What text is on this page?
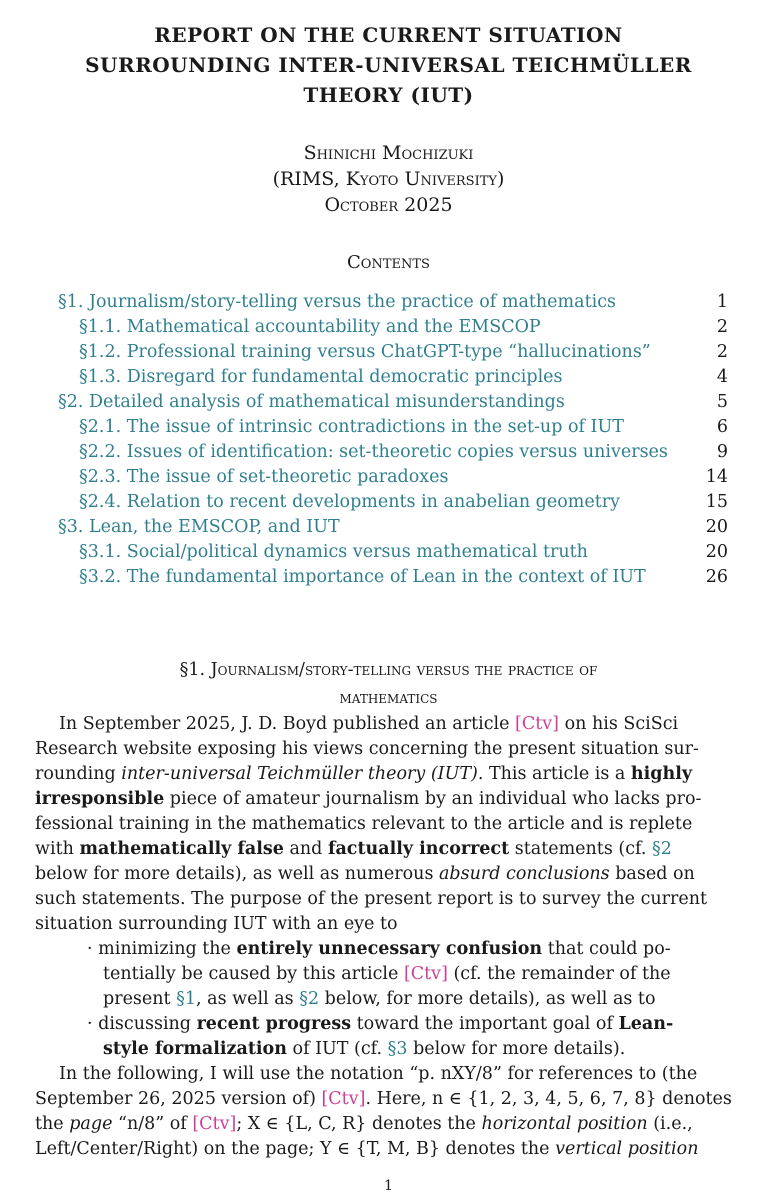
REPORT ON THE CURRENT SITUATION
SURROUNDING INTER-UNIVERSAL TEICHMÜLLER
THEORY (IUT)
Shinichi Mochizuki
(RIMS, Kyoto University)
October 2025
Contents
§1. Journalism/story-telling versus the practice of mathematics	1
§1.1. Mathematical accountability and the EMSCOP	2
§1.2. Professional training versus ChatGPT-type “hallucinations”	2
§1.3. Disregard for fundamental democratic principles	4
§2. Detailed analysis of mathematical misunderstandings	5
§2.1. The issue of intrinsic contradictions in the set-up of IUT	6
§2.2. Issues of identification: set-theoretic copies versus universes	9
§2.3. The issue of set-theoretic paradoxes	14
§2.4. Relation to recent developments in anabelian geometry	15
§3. Lean, the EMSCOP, and IUT	20
§3.1. Social/political dynamics versus mathematical truth	20
§3.2. The fundamental importance of Lean in the context of IUT	26
§1. Journalism/story-telling versus the practice of
mathematics
In September 2025, J. D. Boyd published an article [Ctv] on his SciSci
Research website exposing his views concerning the present situation sur-
rounding inter-universal Teichmüller theory (IUT). This article is a highly
irresponsible piece of amateur journalism by an individual who lacks pro-
fessional training in the mathematics relevant to the article and is replete
with mathematically false and factually incorrect statements (cf. §2
below for more details), as well as numerous absurd conclusions based on
such statements. The purpose of the present report is to survey the current
situation surrounding IUT with an eye to
· minimizing the entirely unnecessary confusion that could po-
tentially be caused by this article [Ctv] (cf. the remainder of the
present §1, as well as §2 below, for more details), as well as to
· discussing recent progress toward the important goal of Lean-
style formalization of IUT (cf. §3 below for more details).
In the following, I will use the notation “p. nXY/8” for references to (the
September 26, 2025 version of) [Ctv]. Here, n ∈ {1, 2, 3, 4, 5, 6, 7, 8} denotes
the page “n/8” of [Ctv]; X ∈ {L, C, R} denotes the horizontal position (i.e.,
Left/Center/Right) on the page; Y ∈ {T, M, B} denotes the vertical position
1
